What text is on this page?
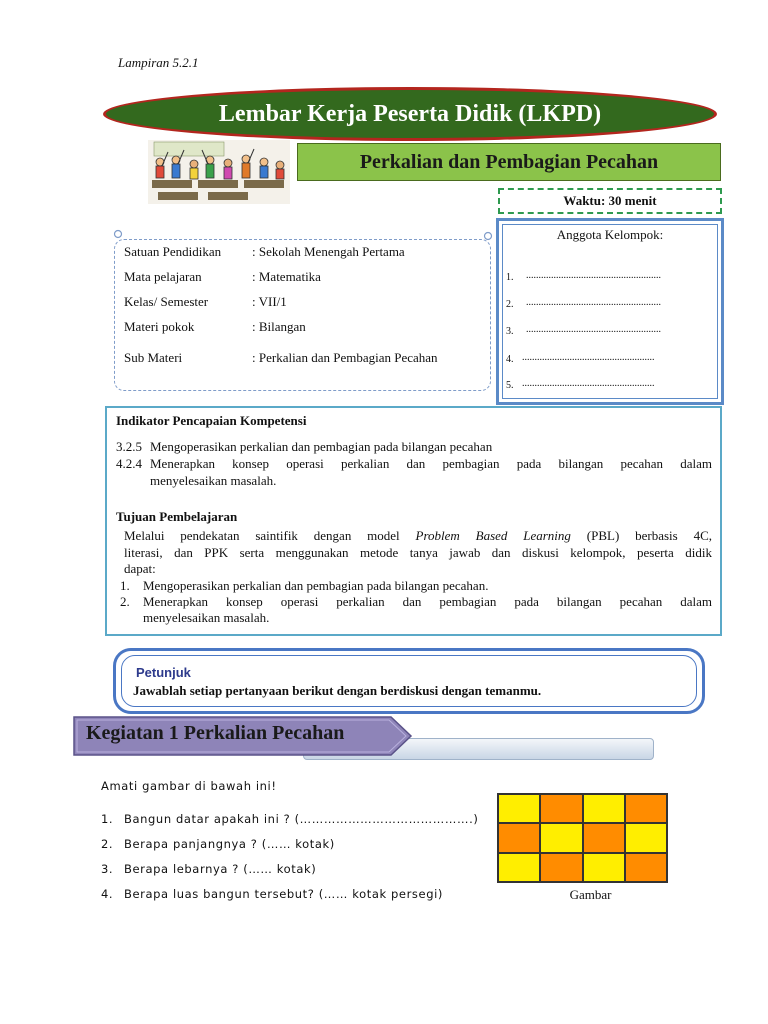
Lampiran 5.2.1
Lembar Kerja Peserta Didik (LKPD)
Perkalian dan Pembagian Pecahan
Waktu: 30 menit
Satuan Pendidikan : Sekolah Menengah Pertama
Mata pelajaran	: Matematika
Kelas/ Semester	: VII/1
Materi pokok	: Bilangan
Sub Materi	: Perkalian dan Pembagian Pecahan
Anggota Kelompok:
1. ......................................................
2. ......................................................
3. ......................................................
4. .....................................................
5. .....................................................
Indikator Pencapaian Kompetensi
3.2.5 Mengoperasikan perkalian dan pembagian pada bilangan pecahan
4.2.4 Menerapkan konsep operasi perkalian dan pembagian pada bilangan pecahan dalam
menyelesaikan masalah.
Tujuan Pembelajaran
Melalui pendekatan saintifik dengan model Problem Based Learning (PBL) berbasis 4C,
literasi, dan PPK serta menggunakan metode tanya jawab dan diskusi kelompok, peserta didik
dapat:
1. Mengoperasikan perkalian dan pembagian pada bilangan pecahan.
2. Menerapkan konsep operasi perkalian dan pembagian pada bilangan pecahan dalam
menyelesaikan masalah.
Petunjuk
Jawablah setiap pertanyaan berikut dengan berdiskusi dengan temanmu.
Kegiatan 1 Perkalian Pecahan
Amati gambar di bawah ini!
1. Bangun datar apakah ini ? (…………………………………….)
2. Berapa panjangnya ? (…… kotak)
3. Berapa lebarnya ? (…… kotak)
4. Berapa luas bangun tersebut? (…… kotak persegi)	Gambar
